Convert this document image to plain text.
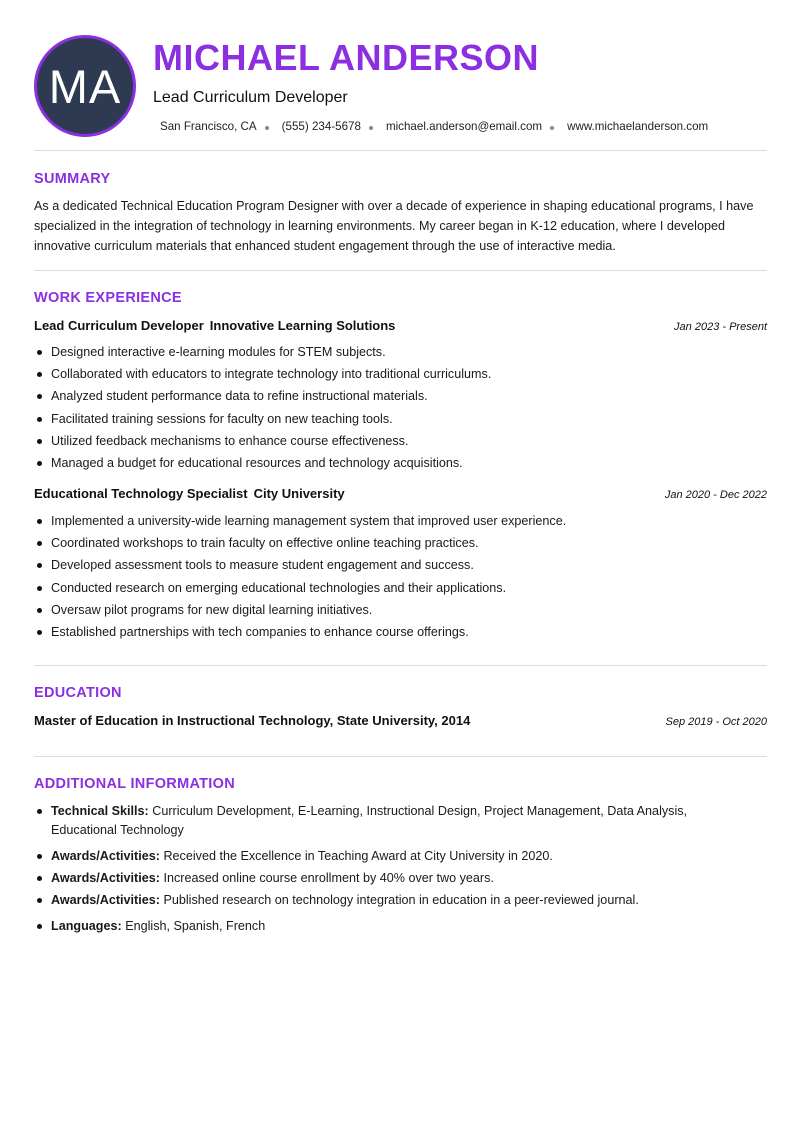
MA
MICHAEL ANDERSON
Lead Curriculum Developer
San Francisco, CA (555) 234-5678 michael.anderson@email.com www.michaelanderson.com
SUMMARY

As a dedicated Technical Education Program Designer with over a decade of experience in shaping educational programs, I have specialized in the integration of technology in learning environments. My career began in K-12 education, where I developed innovative curriculum materials that enhanced student engagement through the use of interactive media.

WORK EXPERIENCE
Lead Curriculum Developer Innovative Learning Solutions	Jan 2023 - Present
Designed interactive e-learning modules for STEM subjects.
Collaborated with educators to integrate technology into traditional curriculums.
Analyzed student performance data to refine instructional materials.
Facilitated training sessions for faculty on new teaching tools.
Utilized feedback mechanisms to enhance course effectiveness.
Managed a budget for educational resources and technology acquisitions.
Educational Technology Specialist City University	Jan 2020 - Dec 2022
Implemented a university-wide learning management system that improved user experience.
Coordinated workshops to train faculty on effective online teaching practices.
Developed assessment tools to measure student engagement and success.
Conducted research on emerging educational technologies and their applications.
Oversaw pilot programs for new digital learning initiatives.
Established partnerships with tech companies to enhance course offerings.
EDUCATION
Master of Education in Instructional Technology, State University, 2014	Sep 2019 - Oct 2020
ADDITIONAL INFORMATION
Technical Skills: Curriculum Development, E-Learning, Instructional Design, Project Management, Data Analysis, Educational Technology
Awards/Activities: Received the Excellence in Teaching Award at City University in 2020.
Awards/Activities: Increased online course enrollment by 40% over two years.
Awards/Activities: Published research on technology integration in education in a peer-reviewed journal.
Languages: English, Spanish, French
